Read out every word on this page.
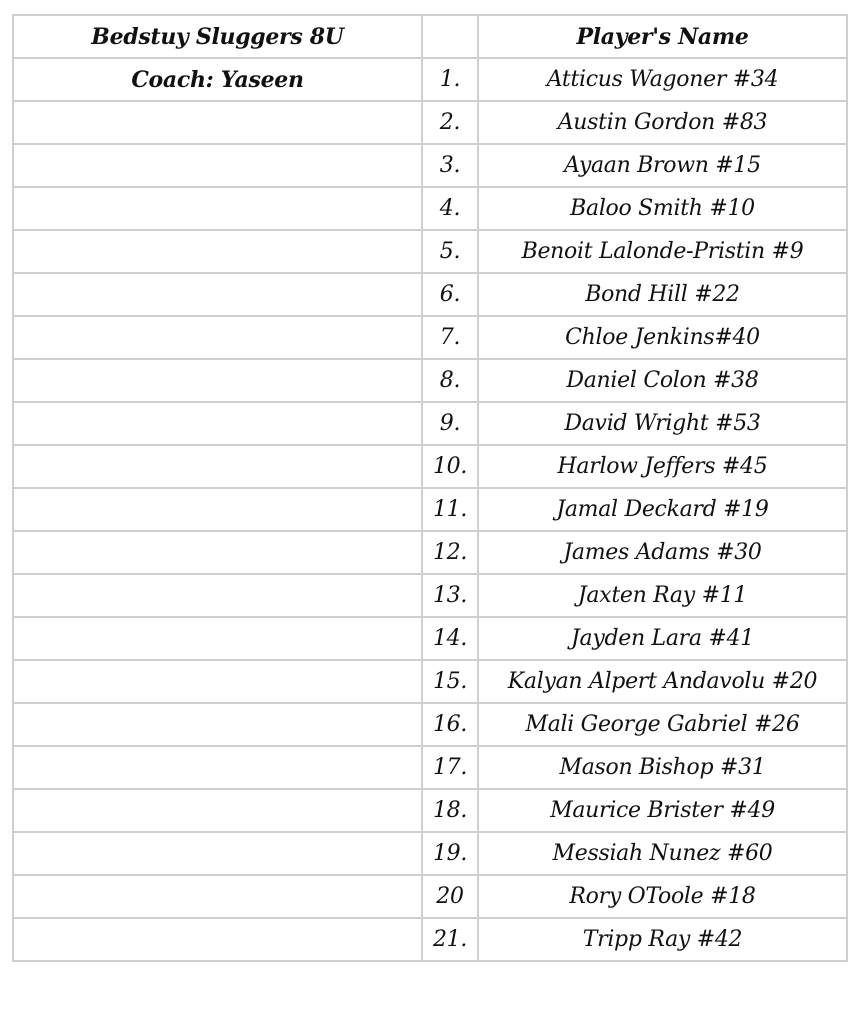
Bedstuy Sluggers 8U		Player's Name
Coach: Yaseen	1.	Atticus Wagoner #34
	2.	Austin Gordon #83
	3.	Ayaan Brown #15
	4.	Baloo Smith #10
	5.	Benoit Lalonde-Pristin #9
	6.	Bond Hill #22
	7.	Chloe Jenkins#40
	8.	Daniel Colon #38
	9.	David Wright #53
	10.	Harlow Jeffers #45
	11.	Jamal Deckard #19
	12.	James Adams #30
	13.	Jaxten Ray #11
	14.	Jayden Lara #41
	15.	Kalyan Alpert Andavolu #20
	16.	Mali George Gabriel #26
	17.	Mason Bishop #31
	18.	Maurice Brister #49
	19.	Messiah Nunez #60
	20	Rory OToole #18
	21.	Tripp Ray #42
